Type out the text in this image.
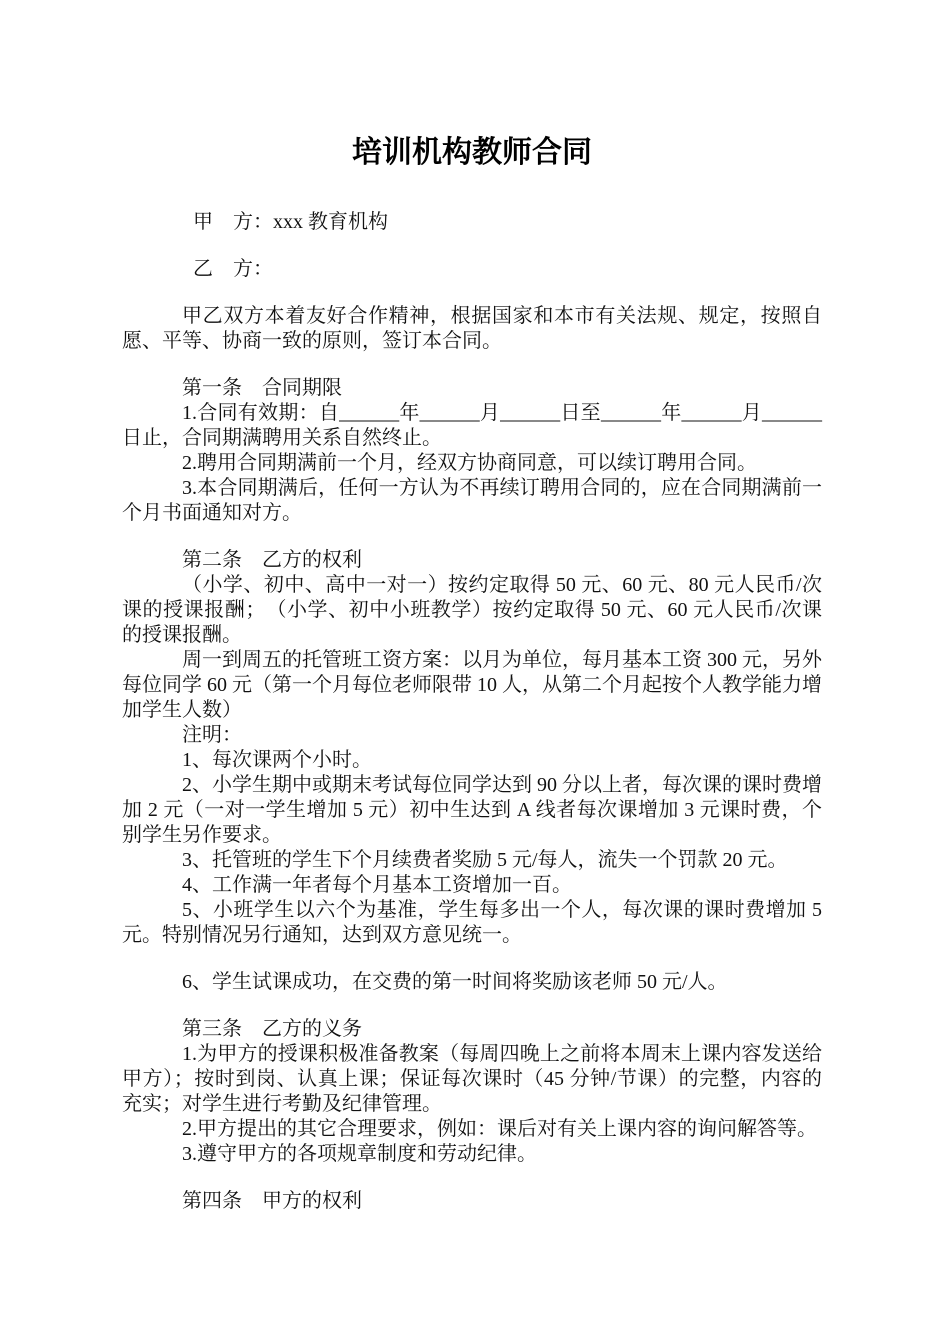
培训机构教师合同

甲　方：xxx 教育机构

乙　方：

甲乙双方本着友好合作精神，根据国家和本市有关法规、规定，按照自愿、平等、协商一致的原则，签订本合同。

第一条　合同期限

1.合同有效期：自______年______月______日至______年______月______日止，合同期满聘用关系自然终止。

2.聘用合同期满前一个月，经双方协商同意，可以续订聘用合同。

3.本合同期满后，任何一方认为不再续订聘用合同的，应在合同期满前一个月书面通知对方。

第二条　乙方的权利

（小学、初中、高中一对一）按约定取得 50 元、60 元、80 元人民币/次课的授课报酬；　（小学、初中小班教学）按约定取得 50 元、60 元人民币/次课的授课报酬。

周一到周五的托管班工资方案：以月为单位，每月基本工资 300 元，另外每位同学 60 元（第一个月每位老师限带 10 人，从第二个月起按个人教学能力增加学生人数）

注明：

1、每次课两个小时。

2、小学生期中或期末考试每位同学达到 90 分以上者，每次课的课时费增加 2 元（一对一学生增加 5 元）初中生达到 A 线者每次课增加 3 元课时费，个别学生另作要求。

3、托管班的学生下个月续费者奖励 5 元/每人，流失一个罚款 20 元。

4、工作满一年者每个月基本工资增加一百。

5、小班学生以六个为基准，学生每多出一个人，每次课的课时费增加 5 元。特别情况另行通知，达到双方意见统一。

6、学生试课成功，在交费的第一时间将奖励该老师 50 元/人。

第三条　乙方的义务

1.为甲方的授课积极准备教案（每周四晚上之前将本周末上课内容发送给甲方）；按时到岗、认真上课；保证每次课时（45 分钟/节课）的完整，内容的充实；对学生进行考勤及纪律管理。

2.甲方提出的其它合理要求，例如：课后对有关上课内容的询问解答等。

3.遵守甲方的各项规章制度和劳动纪律。

第四条　甲方的权利
